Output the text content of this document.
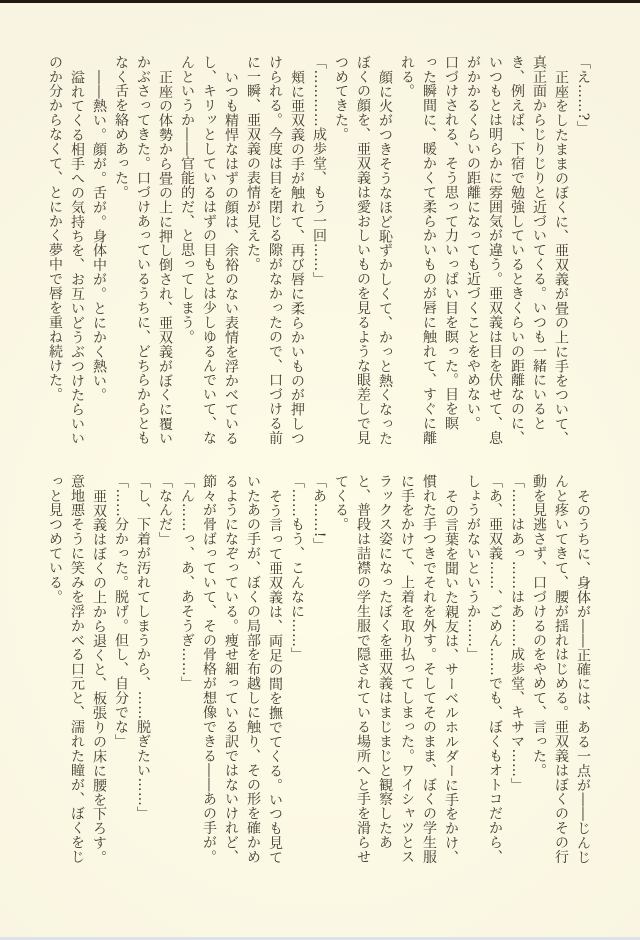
「え……?」

正座をしたままのぼくに、亜双義が畳の上に手をついて、

真正面からじりじりと近づいてくる。いつも一緒にいると

き、例えば、下宿で勉強しているときくらいの距離なのに、

いつもとは明らかに雰囲気が違う。亜双義は目を伏せて、息

がかかるくらいの距離になっても近づくことをやめない。

口づけされる、そう思って力いっぱい目を瞑った。目を瞑

った瞬間に、暖かくて柔らかいものが唇に触れて、すぐに離

れる。

顔に火がつきそうなほど恥ずかしくて、かっと熱くなった

ぼくの顔を、亜双義は愛おしいものを見るような眼差しで見

つめてきた。

「…………成歩堂、もう一回……」

頬に亜双義の手が触れて、再び唇に柔らかいものが押しつ

けられる。今度は目を閉じる隙がなかったので、口づける前

に一瞬、亜双義の表情が見えた。

いつも精悍なはずの顔は、余裕のない表情を浮かべている

し、キリッとしているはずの目もとは少しゆるんでいて、な

んというか――官能的だ、と思ってしまう。

正座の体勢から畳の上に押し倒され、亜双義がぼくに覆い

かぶさってきた。口づけあっているうちに、どちらからとも

なく舌を絡めあった。

――熱い。顔が。舌が。身体中が。とにかく熱い。

溢れてくる相手への気持ちを、お互いどうぶつけたらいい

のか分からなくて、とにかく夢中で唇を重ね続けた。

そのうちに、身体が――正確には、ある一点が――じんじ

んと疼いてきて、腰が揺れはじめる。亜双義はぼくのその行

動を見逃さず、口づけるのをやめて、言った。

「……はあっ……はあ……成歩堂、キサマ……」

「あ、亜双義……、ごめん……でも、ぼくもオトコだから、

しょうがないというか……」

その言葉を聞いた親友は、サーベルホルダーに手をかけ、

慣れた手つきでそれを外す。そしてそのまま、ぼくの学生服

に手をかけて、上着を取り払ってしまった。ワイシャツとス

ラックス姿になったぼくを亜双義はまじまじと観察したあ

と、普段は詰襟の学生服で隠されている場所へと手を滑らせ

てくる。

「あ……!」

「……もう、こんなに……」

そう言って亜双義は、両足の間を撫でてくる。いつも見て

いたあの手が、ぼくの局部を布越しに触り、その形を確かめ

るようになぞっている。痩せ細っている訳ではないけれど、

節々が骨ばっていて、その骨格が想像できる――あの手が。

「ん……っ、あ、あそうぎ……」

「なんだ」

「し、下着が汚れてしまうから、……脱ぎたい……」

「……分かった。脱げ。但し、自分でな」

亜双義はぼくの上から退くと、板張りの床に腰を下ろす。

意地悪そうに笑みを浮かべる口元と、濡れた瞳が、ぼくをじ

っと見つめている。
